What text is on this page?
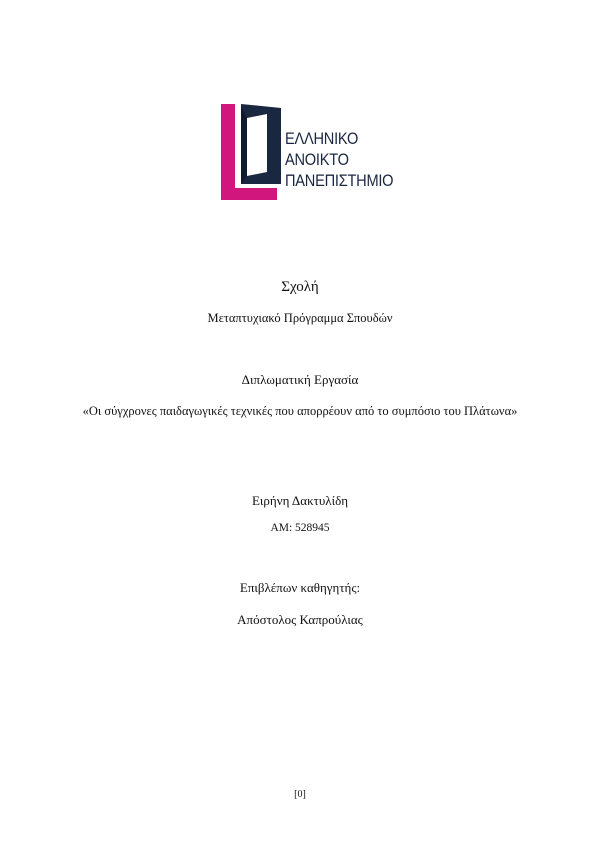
ΕΛΛΗΝΙΚΟ
ΑΝΟΙΚΤΟ
ΠΑΝΕΠΙΣΤΗΜΙΟ
Σχολή
Μεταπτυχιακό Πρόγραμμα Σπουδών
Διπλωματική Εργασία
«Οι σύγχρονες παιδαγωγικές τεχνικές που απορρέουν από το συμπόσιο του Πλάτωνα»
Ειρήνη Δακτυλίδη
ΑΜ: 528945
Επιβλέπων καθηγητής:
Απόστολος Καπρούλιας
[0]
